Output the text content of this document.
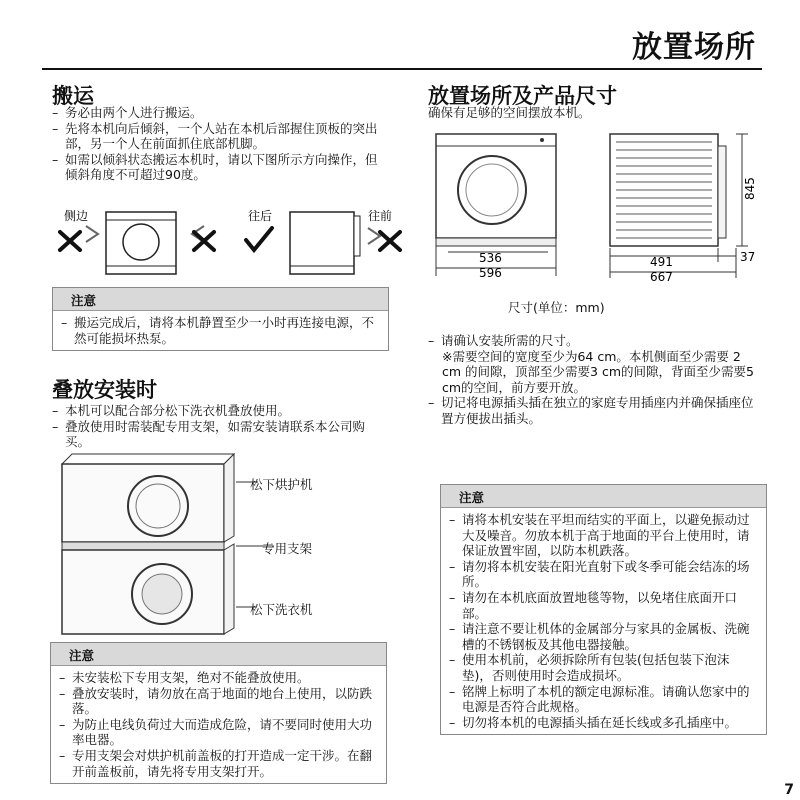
放置场所
搬运
– 务必由两个人进行搬运。
– 先将本机向后倾斜，一个人站在本机后部握住顶板的突出部，另一个人在前面抓住底部机脚。
– 如需以倾斜状态搬运本机时，请以下图所示方向操作，但倾斜角度不可超过90度。
侧边	往后	往前
注意
– 搬运完成后，请将本机静置至少一小时再连接电源，不然可能损坏热泵。
叠放安装时
– 本机可以配合部分松下洗衣机叠放使用。
– 叠放使用时需装配专用支架，如需安装请联系本公司购买。
松下烘护机
专用支架
松下洗衣机
注意
– 未安装松下专用支架，绝对不能叠放使用。
– 叠放安装时，请勿放在高于地面的地台上使用，以防跌落。
– 为防止电线负荷过大而造成危险，请不要同时使用大功率电器。
– 专用支架会对烘护机前盖板的打开造成一定干涉。在翻开前盖板前，请先将专用支架打开。
放置场所及产品尺寸
确保有足够的空间摆放本机。
536
596
845
491	37
667
尺寸(单位：mm)
– 请确认安装所需的尺寸。
※需要空间的宽度至少为64 cm。本机侧面至少需要 2 cm 的间隙，顶部至少需要3 cm的间隙，背面至少需要5 cm的空间，前方要开放。
– 切记将电源插头插在独立的家庭专用插座内并确保插座位置方便拔出插头。
注意
– 请将本机安装在平坦而结实的平面上，以避免振动过大及噪音。勿放本机于高于地面的平台上使用时，请保证放置牢固，以防本机跌落。
– 请勿将本机安装在阳光直射下或冬季可能会结冻的场所。
– 请勿在本机底面放置地毯等物，以免堵住底面开口部。
– 请注意不要让机体的金属部分与家具的金属板、洗碗槽的不锈钢板及其他电器接触。
– 使用本机前，必须拆除所有包装(包括包装下泡沫垫)，否则使用时会造成损坏。
– 铭牌上标明了本机的额定电源标准。请确认您家中的电源是否符合此规格。
– 切勿将本机的电源插头插在延长线或多孔插座中。
7
